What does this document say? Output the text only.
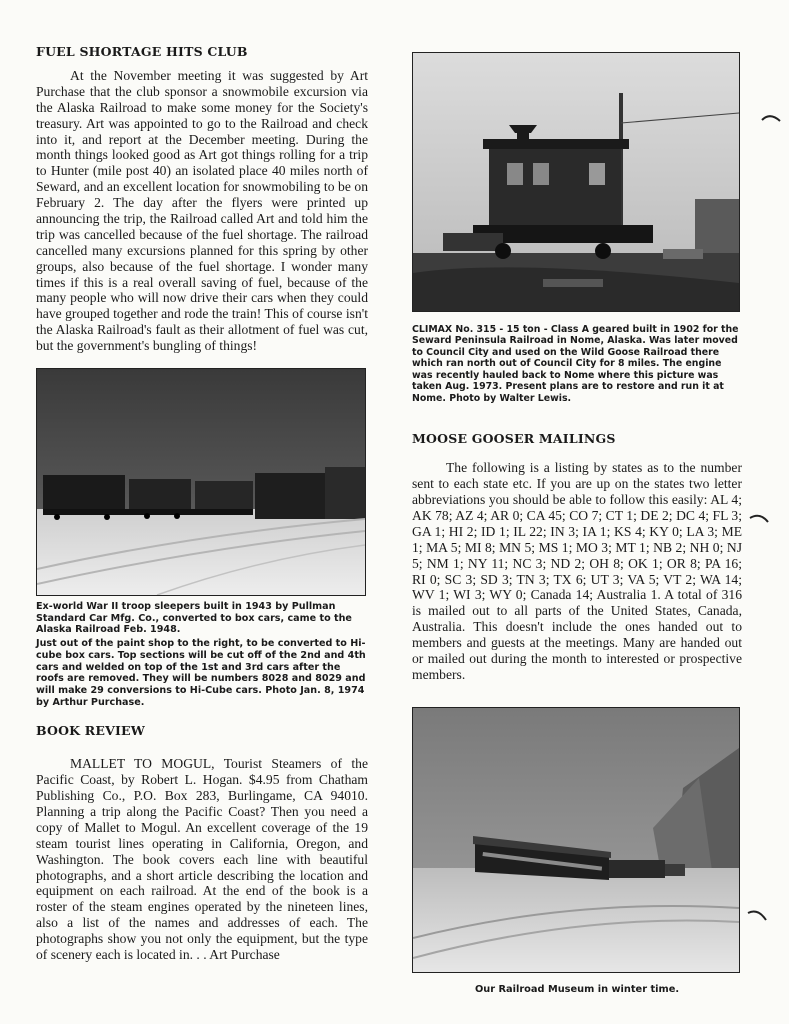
FUEL SHORTAGE HITS CLUB

At the November meeting it was suggested by Art Purchase that the club sponsor a snowmobile excursion via the Alaska Railroad to make some money for the Society's treasury. Art was appointed to go to the Railroad and check into it, and report at the December meeting. During the month things looked good as Art got things rolling for a trip to Hunter (mile post 40) an isolated place 40 miles north of Seward, and an excellent location for snowmobiling to be on February 2. The day after the flyers were printed up announcing the trip, the Railroad called Art and told him the trip was cancelled because of the fuel shortage. The railroad cancelled many excursions planned for this spring by other groups, also because of the fuel shortage. I wonder many times if this is a real overall saving of fuel, because of the many people who will now drive their cars when they could have grouped together and rode the train! This of course isn't the Alaska Railroad's fault as their allotment of fuel was cut, but the government's bungling of things!

Ex-world War II troop sleepers built in 1943 by Pullman Standard Car Mfg. Co., converted to box cars, came to the Alaska Railroad Feb. 1948.

Just out of the paint shop to the right, to be converted to Hi-cube box cars. Top sections will be cut off of the 2nd and 4th cars and welded on top of the 1st and 3rd cars after the roofs are removed. They will be numbers 8028 and 8029 and will make 29 conversions to Hi-Cube cars. Photo Jan. 8, 1974 by Arthur Purchase.

BOOK REVIEW

MALLET TO MOGUL, Tourist Steamers of the Pacific Coast, by Robert L. Hogan. $4.95 from Chatham Publishing Co., P.O. Box 283, Burlingame, CA 94010. Planning a trip along the Pacific Coast? Then you need a copy of Mallet to Mogul. An excellent coverage of the 19 steam tourist lines operating in California, Oregon, and Washington. The book covers each line with beautiful photographs, and a short article describing the location and equipment on each railroad. At the end of the book is a roster of the steam engines operated by the nineteen lines, also a list of the names and addresses of each. The photographs show you not only the equipment, but the type of scenery each is located in. . . Art Purchase

CLIMAX No. 315 - 15 ton - Class A geared built in 1902 for the Seward Peninsula Railroad in Nome, Alaska. Was later moved to Council City and used on the Wild Goose Railroad there which ran north out of Council City for 8 miles. The engine was recently hauled back to Nome where this picture was taken Aug. 1973. Present plans are to restore and run it at Nome. Photo by Walter Lewis.

MOOSE GOOSER MAILINGS

The following is a listing by states as to the number sent to each state etc. If you are up on the states two letter abbreviations you should be able to follow this easily: AL 4; AK 78; AZ 4; AR 0; CA 45; CO 7; CT 1; DE 2; DC 4; FL 3; GA 1; HI 2; ID 1; IL 22; IN 3; IA 1; KS 4; KY 0; LA 3; ME 1; MA 5; MI 8; MN 5; MS 1; MO 3; MT 1; NB 2; NH 0; NJ 5; NM 1; NY 11; NC 3; ND 2; OH 8; OK 1; OR 8; PA 16; RI 0; SC 3; SD 3; TN 3; TX 6; UT 3; VA 5; VT 2; WA 14; WV 1; WI 3; WY 0; Canada 14; Australia 1. A total of 316 is mailed out to all parts of the United States, Canada, Australia. This doesn't include the ones handed out to members and guests at the meetings. Many are handed out or mailed out during the month to interested or prospective members.

Our Railroad Museum in winter time.
